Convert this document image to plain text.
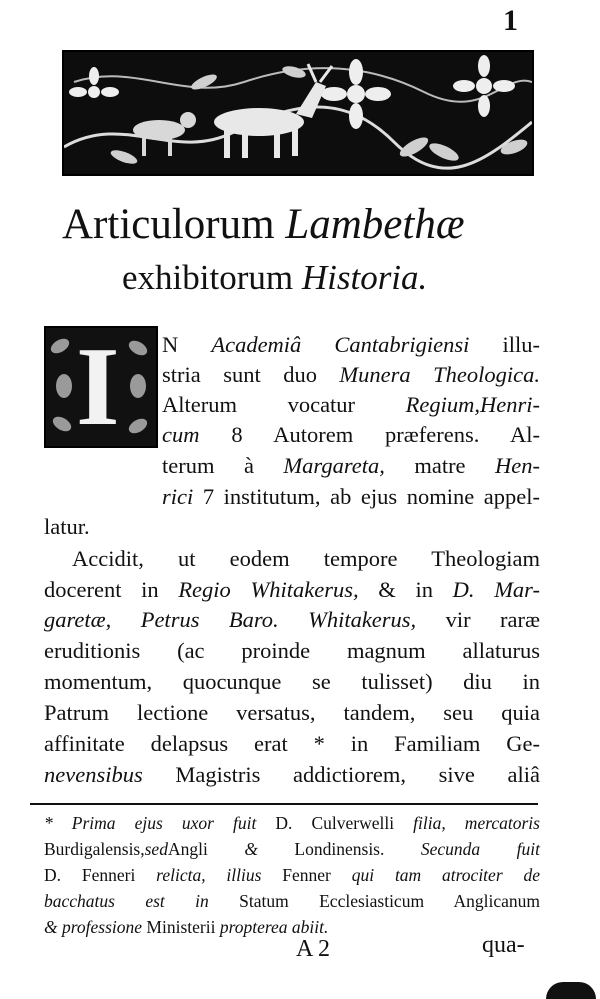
1
Articulorum Lambethæ
exhibitorum Historia.
I N Academiâ Cantabrigiensi illu-
stria sunt duo Munera Theologica.
Alterum vocatur Regium,Henri-
cum 8 Autorem præferens. Al-
terum à Margareta, matre Hen-
rici 7 institutum, ab ejus nomine appel-
latur.
Accidit, ut eodem tempore Theologiam
docerent in Regio Whitakerus, & in D. Mar-
garetæ, Petrus Baro. Whitakerus, vir raræ
eruditionis (ac proinde magnum allaturus
momentum, quocunque se tulisset) diu in
Patrum lectione versatus, tandem, seu quia
affinitate delapsus erat * in Familiam Ge-
nevensibus Magistris addictiorem, sive aliâ
* Prima ejus uxor fuit D. Culverwelli filia, mercatoris
Burdigalensis,sedAngli & Londinensis. Secunda fuit
D. Fenneri relicta, illius Fenner qui tam atrociter de
bacchatus est in Statum Ecclesiasticum Anglicanum
& professione Ministerii propterea abiit.
A 2	qua-
